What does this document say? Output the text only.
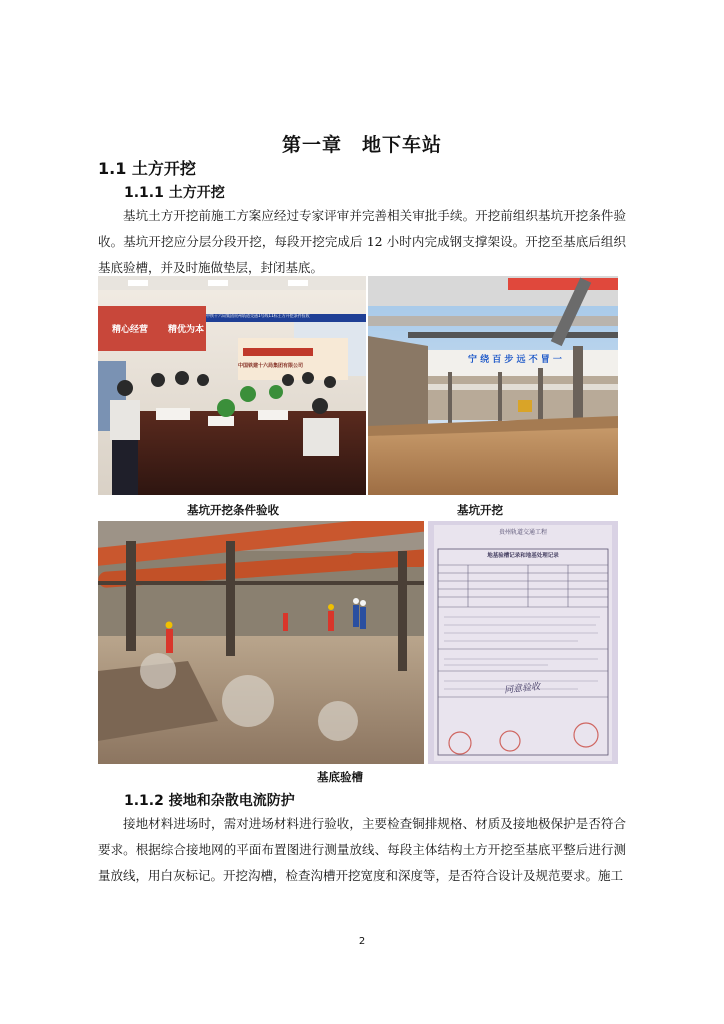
第一章　地下车站
1.1 土方开挖
1.1.1 土方开挖
基坑土方开挖前施工方案应经过专家评审并完善相关审批手续。开挖前组织基坑开挖条件验收。基坑开挖应分层分段开挖，每段开挖完成后 12 小时内完成钢支撑架设。开挖至基底后组织基底验槽，并及时施做垫层，封闭基底。
中铁十六局集团贵州轨道交通1号线11标土方开挖条件验收
精心经营 精优为本
中国铁建十六局集团有限公司
宁 绕 百 步 远 不 冒 一
基坑开挖条件验收	基坑开挖
贵州轨道交通工程
地基验槽记录和地基处理记录
同意验收
基底验槽
1.1.2 接地和杂散电流防护
接地材料进场时，需对进场材料进行验收，主要检查铜排规格、材质及接地极保护是否符合要求。根据综合接地网的平面布置图进行测量放线、每段主体结构土方开挖至基底平整后进行测量放线，用白灰标记。开挖沟槽，检查沟槽开挖宽度和深度等，是否符合设计及规范要求。施工
2
